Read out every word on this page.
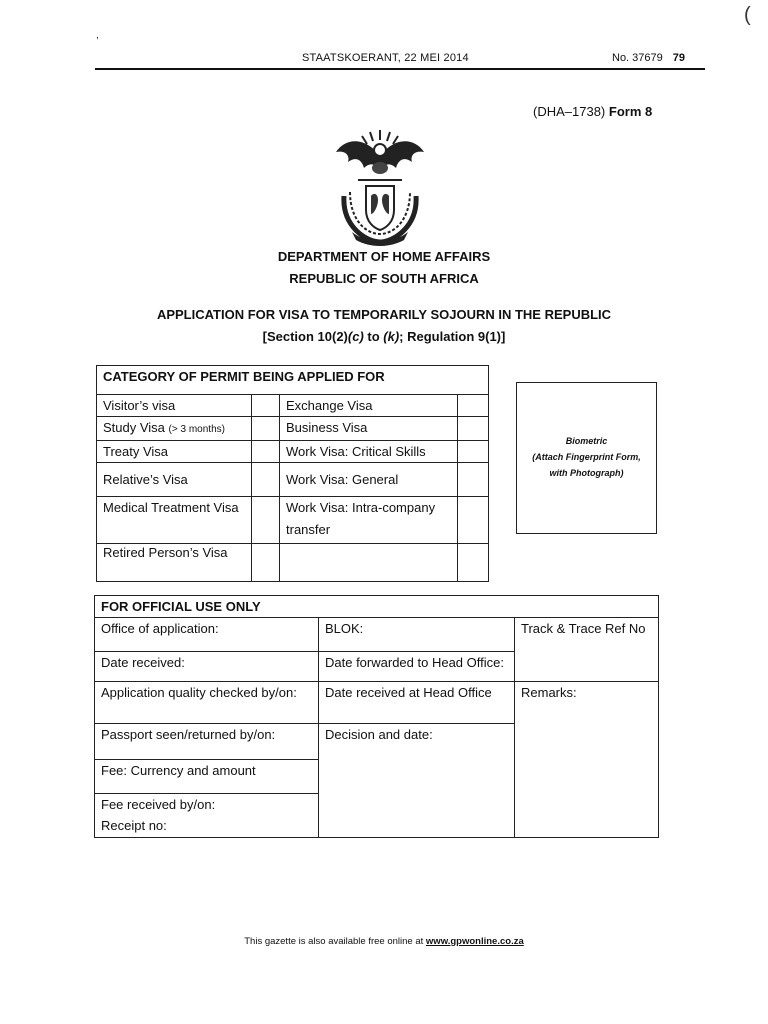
,
(
STAATSKOERANT, 22 MEI 2014	No. 37679 79
(DHA–1738) Form 8
DEPARTMENT OF HOME AFFAIRS
REPUBLIC OF SOUTH AFRICA
APPLICATION FOR VISA TO TEMPORARILY SOJOURN IN THE REPUBLIC
[Section 10(2)(c) to (k); Regulation 9(1)]
CATEGORY OF PERMIT BEING APPLIED FOR			
Visitor’s visa		Exchange Visa	
Study Visa (> 3 months)		Business Visa	
Treaty Visa		Work Visa: Critical Skills	
Relative’s Visa		Work Visa: General	
Medical Treatment Visa		Work Visa: Intra-company transfer	
Retired Person’s Visa			
Biometric
(Attach Fingerprint Form,
with Photograph)
FOR OFFICIAL USE ONLY		
Office of application:	BLOK:	Track & Trace Ref No
Date received:	Date forwarded to Head Office:	
Application quality checked by/on:	Date received at Head Office	Remarks:
Passport seen/returned by/on:	Decision and date:	
Fee: Currency and amount		
Fee received by/on:		
Receipt no:		
This gazette is also available free online at www.gpwonline.co.za
